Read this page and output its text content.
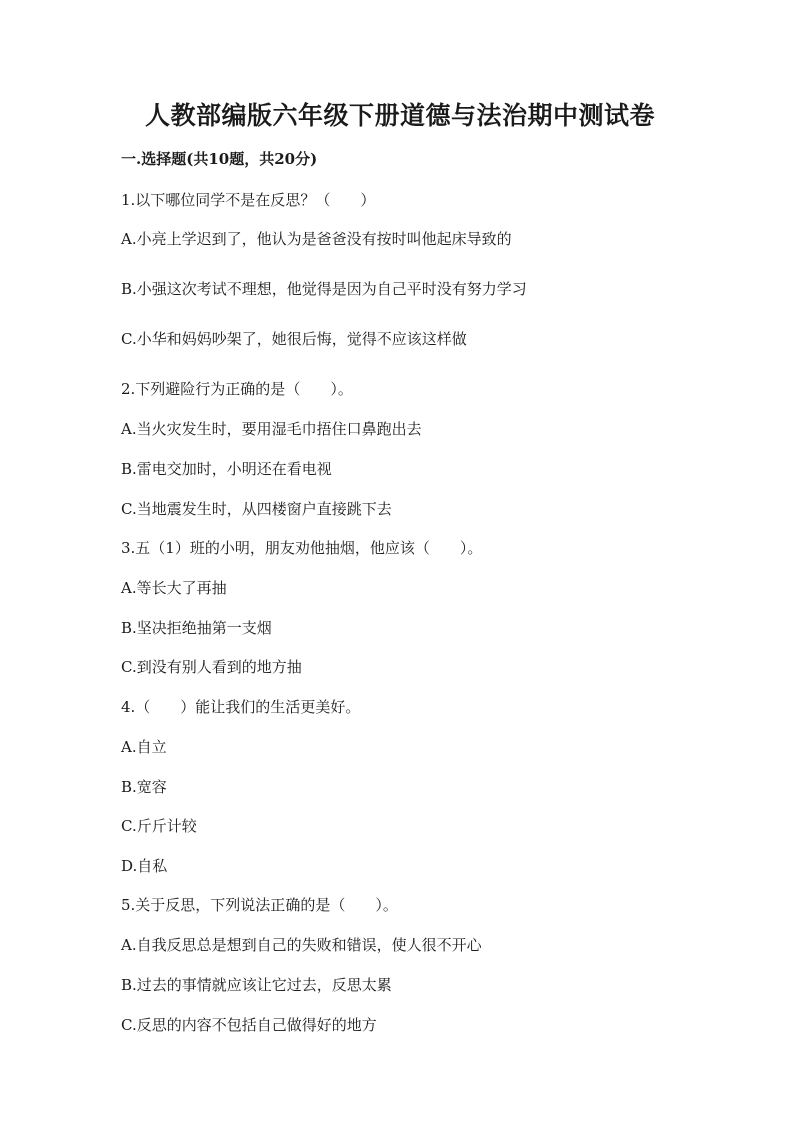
人教部编版六年级下册道德与法治期中测试卷
一.选择题(共10题，共20分)
1.以下哪位同学不是在反思？（　　）
A.小亮上学迟到了，他认为是爸爸没有按时叫他起床导致的
B.小强这次考试不理想，他觉得是因为自己平时没有努力学习
C.小华和妈妈吵架了，她很后悔，觉得不应该这样做
2.下列避险行为正确的是（　　）。
A.当火灾发生时，要用湿毛巾捂住口鼻跑出去
B.雷电交加时，小明还在看电视
C.当地震发生时，从四楼窗户直接跳下去
3.五（1）班的小明，朋友劝他抽烟，他应该（　　）。
A.等长大了再抽
B.坚决拒绝抽第一支烟
C.到没有别人看到的地方抽
4.（　　）能让我们的生活更美好。
A.自立
B.宽容
C.斤斤计较
D.自私
5.关于反思，下列说法正确的是（　　）。
A.自我反思总是想到自己的失败和错误，使人很不开心
B.过去的事情就应该让它过去，反思太累
C.反思的内容不包括自己做得好的地方
